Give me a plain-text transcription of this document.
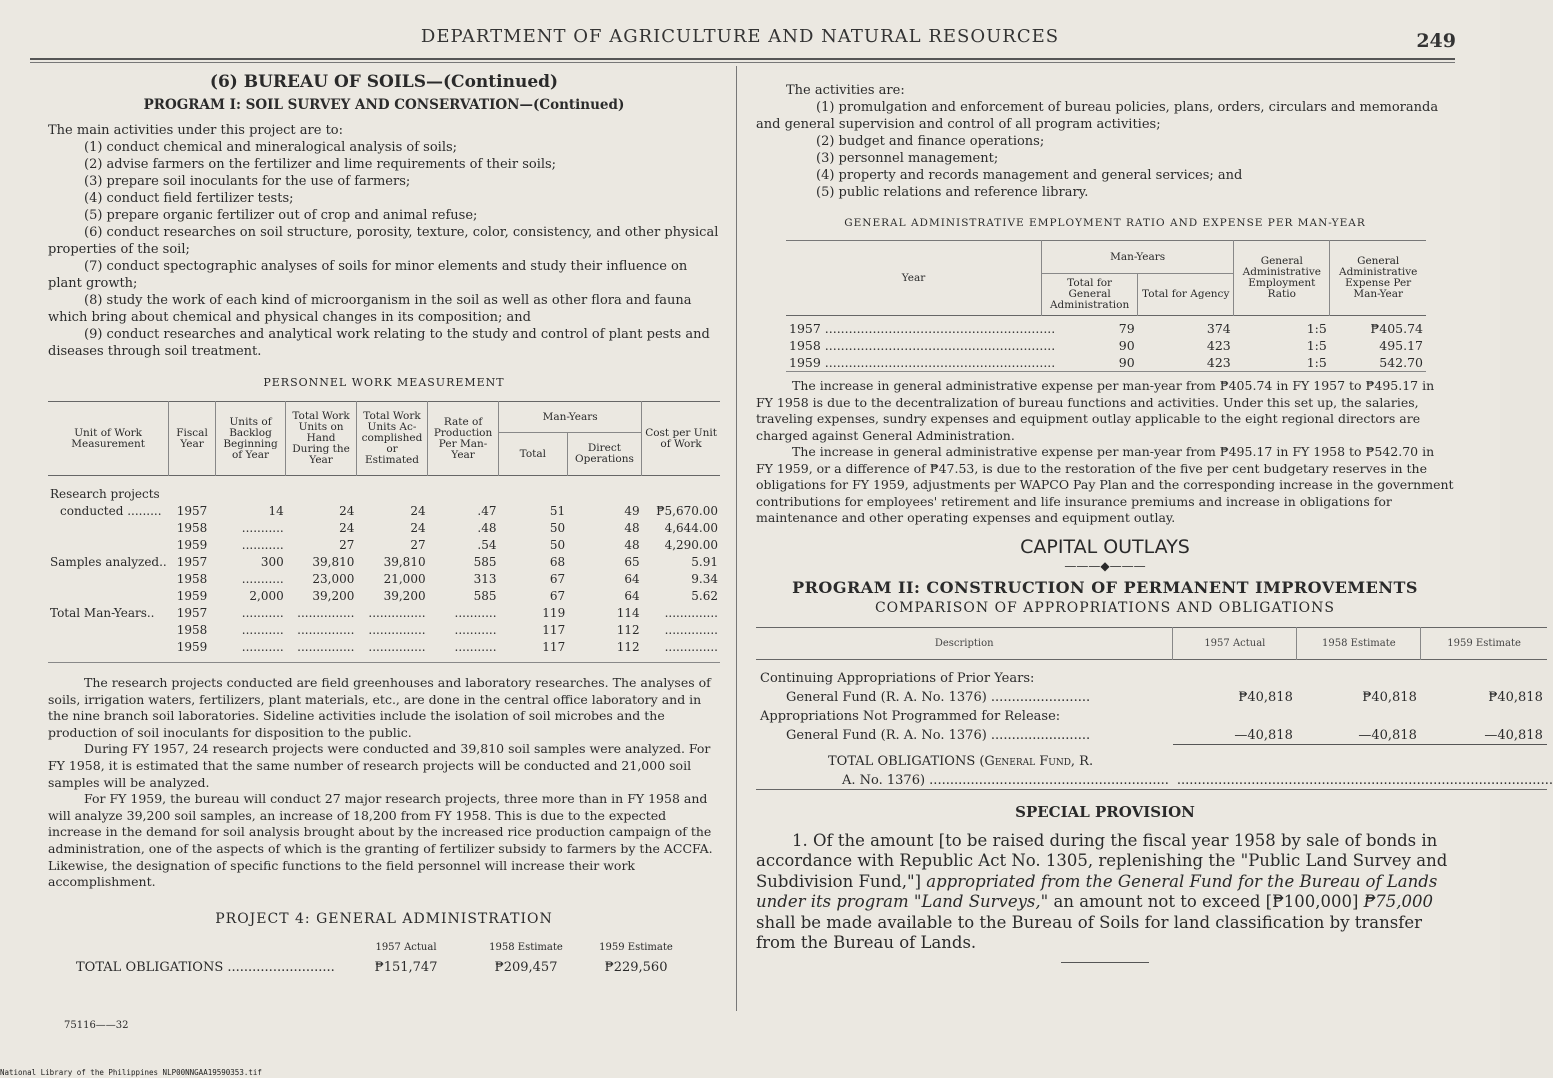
DEPARTMENT OF AGRICULTURE AND NATURAL RESOURCES	249
(6) BUREAU OF SOILS—(Continued)
PROGRAM I: SOIL SURVEY AND CONSERVATION—(Continued)

The main activities under this project are to:

(1) conduct chemical and mineralogical analysis of soils;

(2) advise farmers on the fertilizer and lime requirements of their soils;

(3) prepare soil inoculants for the use of farmers;

(4) conduct field fertilizer tests;

(5) prepare organic fertilizer out of crop and animal refuse;

(6) conduct researches on soil structure, porosity, texture, color, consistency, and other physical properties of the soil;

(7) conduct spectographic analyses of soils for minor elements and study their influence on plant growth;

(8) study the work of each kind of microorganism in the soil as well as other flora and fauna which bring about chemical and physical changes in its composition; and

(9) conduct researches and analytical work relating to the study and control of plant pests and diseases through soil treatment.

PERSONNEL WORK MEASUREMENT
Unit of Work Measurement	Fiscal Year	Units of Backlog Beginning of Year	Total Work Units on Hand During the Year	Total Work Units Ac-complished or Estimated	Rate of Production Per Man-Year	Man-Years		Cost per Unit of Work
						Total	Direct Operations	

Research projects								
conducted .........	1957	14	24	24	.47	51	49	₱5,670.00
	1958	...........	24	24	.48	50	48	4,644.00
	1959	...........	27	27	.54	50	48	4,290.00
Samples analyzed..	1957	300	39,810	39,810	585	68	65	5.91
	1958	...........	23,000	21,000	313	67	64	9.34
	1959	2,000	39,200	39,200	585	67	64	5.62
Total Man-Years..	1957	...........	...............	...............	...........	119	114	..............
	1958	...........	...............	...............	...........	117	112	..............
	1959	...........	...............	...............	...........	117	112	..............

The research projects conducted are field greenhouses and laboratory researches. The analyses of soils, irrigation waters, fertilizers, plant materials, etc., are done in the central office laboratory and in the nine branch soil laboratories. Sideline activities include the isolation of soil microbes and the production of soil inoculants for disposition to the public.

During FY 1957, 24 research projects were conducted and 39,810 soil samples were analyzed. For FY 1958, it is estimated that the same number of research projects will be conducted and 21,000 soil samples will be analyzed.

For FY 1959, the bureau will conduct 27 major research projects, three more than in FY 1958 and will analyze 39,200 soil samples, an increase of 18,200 from FY 1958. This is due to the expected increase in the demand for soil analysis brought about by the increased rice production campaign of the administration, one of the aspects of which is the granting of fertilizer subsidy to farmers by the ACCFA. Likewise, the designation of specific functions to the field personnel will increase their work accomplishment.

PROJECT 4: GENERAL ADMINISTRATION
1957 Actual	1958 Estimate	1959 Estimate
TOTAL OBLIGATIONS ..........................	₱151,747	₱209,457	₱229,560
75116——32
The activities are:

(1) promulgation and enforcement of bureau policies, plans, orders, circulars and memoranda and general supervision and control of all program activities;

(2) budget and finance operations;

(3) personnel management;

(4) property and records management and general services; and

(5) public relations and reference library.

GENERAL ADMINISTRATIVE EMPLOYMENT RATIO AND EXPENSE PER MAN-YEAR
Year	Man-Years		General Administrative Employment Ratio	General Administrative Expense Per Man-Year
	Total for General Administration	Total for Agency		

1957 ..........................................................	79	374	1:5	₱405.74
1958 ..........................................................	90	423	1:5	495.17
1959 ..........................................................	90	423	1:5	542.70

The increase in general administrative expense per man-year from ₱405.74 in FY 1957 to ₱495.17 in FY 1958 is due to the decentralization of bureau functions and activities. Under this set up, the salaries, traveling expenses, sundry expenses and equipment outlay applicable to the eight regional directors are charged against General Administration.

The increase in general administrative expense per man-year from ₱495.17 in FY 1958 to ₱542.70 in FY 1959, or a difference of ₱47.53, is due to the restoration of the five per cent budgetary reserves in the obligations for FY 1959, adjustments per WAPCO Pay Plan and the corresponding increase in the government contributions for employees' retirement and life insurance premiums and increase in obligations for maintenance and other operating expenses and equipment outlay.

CAPITAL OUTLAYS
———◆———
PROGRAM II: CONSTRUCTION OF PERMANENT IMPROVEMENTS
COMPARISON OF APPROPRIATIONS AND OBLIGATIONS
Description	1957 Actual	1958 Estimate	1959 Estimate

Continuing Appropriations of Prior Years:			
General Fund (R. A. No. 1376) ........................	₱40,818	₱40,818	₱40,818
Appropriations Not Programmed for Release:			
General Fund (R. A. No. 1376) ........................	—40,818	—40,818	—40,818

TOTAL OBLIGATIONS (General Fund, R.			
A. No. 1376) ..........................................................	..............................	..............................	...............................
SPECIAL PROVISION

1. Of the amount [to be raised during the fiscal year 1958 by sale of bonds in accordance with Republic Act No. 1305, replenishing the "Public Land Survey and Subdivision Fund,"] appropriated from the General Fund for the Bureau of Lands under its program "Land Surveys," an amount not to exceed [₱100,000] ₱75,000 shall be made available to the Bureau of Soils for land classification by transfer from the Bureau of Lands.

National Library of the Philippines NLP00NNGAA19590353.tif
